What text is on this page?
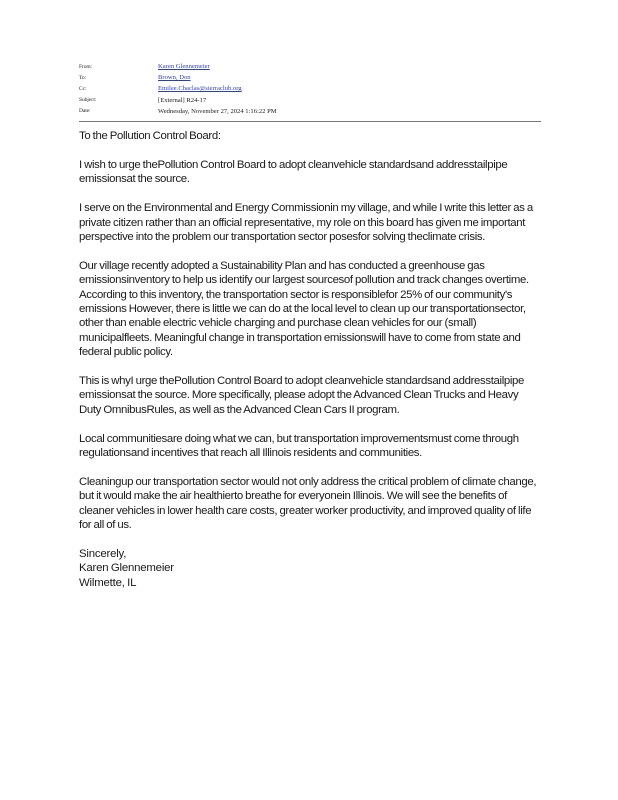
From:	Karen Glennemeier
To:	Brown, Don
Cc:	Emilee.Chaclas@sierraclub.org
Subject:	[External] R24-17
Date:	Wednesday, November 27, 2024 1:16:22 PM

To the Pollution Control Board:

I wish to urge thePollution Control Board to adopt cleanvehicle standardsand addresstailpipe emissionsat the source.

I serve on the Environmental and Energy Commissionin my village, and while I write this letter as a private citizen rather than an official representative, my role on this board has given me important perspective into the problem our transportation sector posesfor solving theclimate crisis.

Our village recently adopted a Sustainability Plan and has conducted a greenhouse gas emissionsinventory to help us identify our largest sourcesof pollution and track changes overtime. According to this inventory, the transportation sector is responsiblefor 25% of our community's emissions However, there is little we can do at the local level to clean up our transportationsector, other than enable electric vehicle charging and purchase clean vehicles for our (small) municipalfleets. Meaningful change in transportation emissionswill have to come from state and federal public policy.

This is whyI urge thePollution Control Board to adopt cleanvehicle standardsand addresstailpipe emissionsat the source. More specifically, please adopt the Advanced Clean Trucks and Heavy Duty OmnibusRules, as well as the Advanced Clean Cars II program.

Local communitiesare doing what we can, but transportation improvementsmust come through regulationsand incentives that reach all Illinois residents and communities.

Cleaningup our transportation sector would not only address the critical problem of climate change, but it would make the air healthierto breathe for everyonein Illinois. We will see the benefits of cleaner vehicles in lower health care costs, greater worker productivity, and improved quality of life for all of us.

Sincerely,

Karen Glennemeier

Wilmette, IL
